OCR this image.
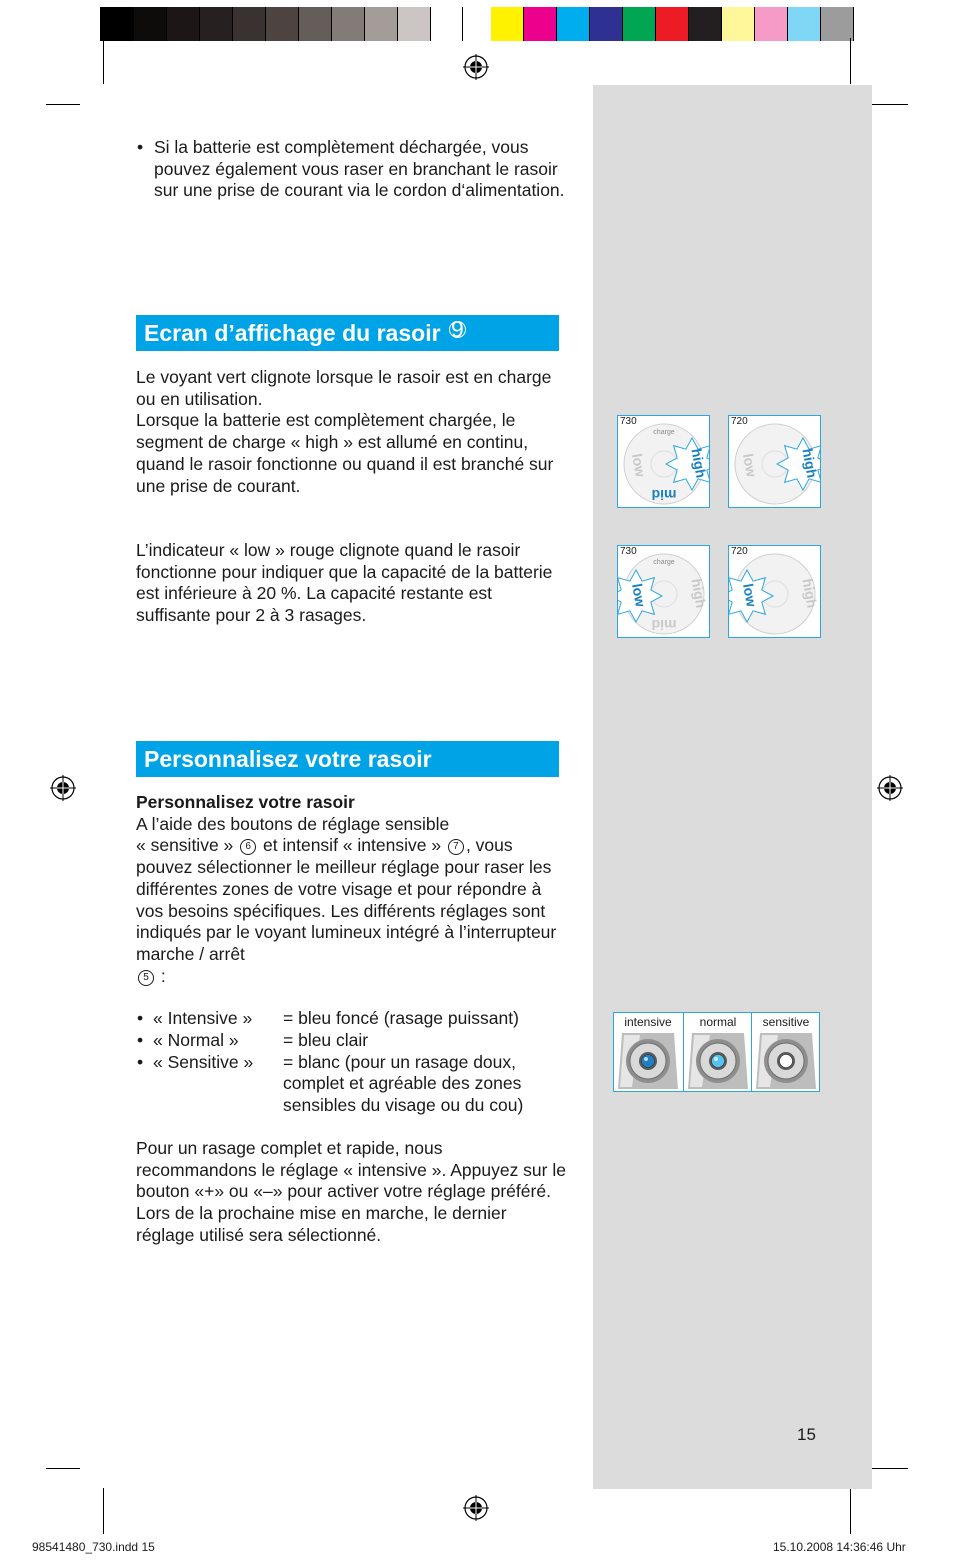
• Si la batterie est complètement déchargée, vous pouvez également vous raser en branchant le rasoir sur une prise de courant via le cordon d‘alimentation.
Ecran d’affichage du rasoir 9
Le voyant vert clignote lorsque le rasoir est en charge ou en utilisation.
Lorsque la batterie est complètement chargée, le segment de charge « high » est allumé en continu, quand le rasoir fonctionne ou quand il est branché sur une prise de courant.
L’indicateur « low » rouge clignote quand le rasoir fonctionne pour indiquer que la capacité de la batterie est inférieure à 20 %. La capacité restante est suffisante pour 2 à 3 rasages.
Personnalisez votre rasoir
Personnalisez votre rasoir
A l’aide des boutons de réglage sensible
« sensitive » 6 et intensif « intensive » 7 , vous pouvez sélectionner le meilleur réglage pour raser les différentes zones de votre visage et pour répondre à vos besoins spécifiques. Les différents réglages sont indiqués par le voyant lumineux intégré à l’interrupteur marche / arrêt
5 :
• « Intensive » = bleu foncé (rasage puissant)
• « Normal »	= bleu clair
• « Sensitive » = blanc (pour un rasage doux,
complet et agréable des zones
sensibles du visage ou du cou)
Pour un rasage complet et rapide, nous recommandons le réglage « intensive ». Appuyez sur le bouton «+» ou «–» pour activer votre réglage préféré. Lors de la prochaine mise en marche, le dernier réglage utilisé sera sélectionné.
low	high
mid
charge
730
low	high
720
low	high
mid
charge
730
low	high
720
intensive	normal	sensitive
15
98541480_730.indd 15	15.10.2008 14:36:46 Uhr
